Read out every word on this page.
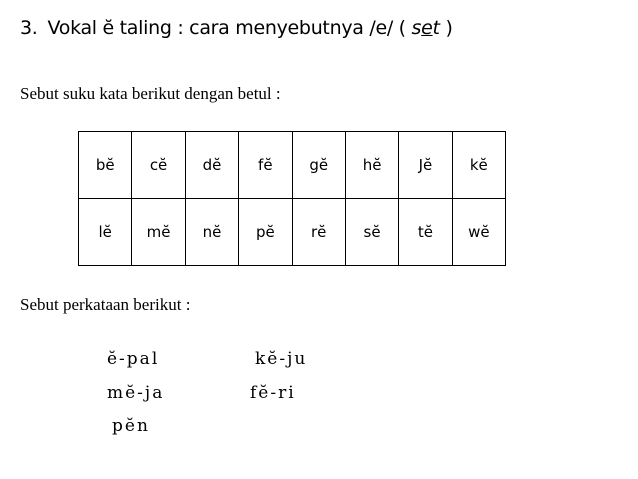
3. Vokal ĕ taling : cara menyebutnya /e/ ( set )
Sebut suku kata berikut dengan betul :
bĕ	cĕ	dĕ	fĕ	gĕ	hĕ	Jĕ	kĕ
lĕ	mĕ	nĕ	pĕ	rĕ	sĕ	tĕ	wĕ
Sebut perkataan berikut :
ĕ-pal	kĕ-ju
mĕ-ja	fĕ-ri
pĕn
